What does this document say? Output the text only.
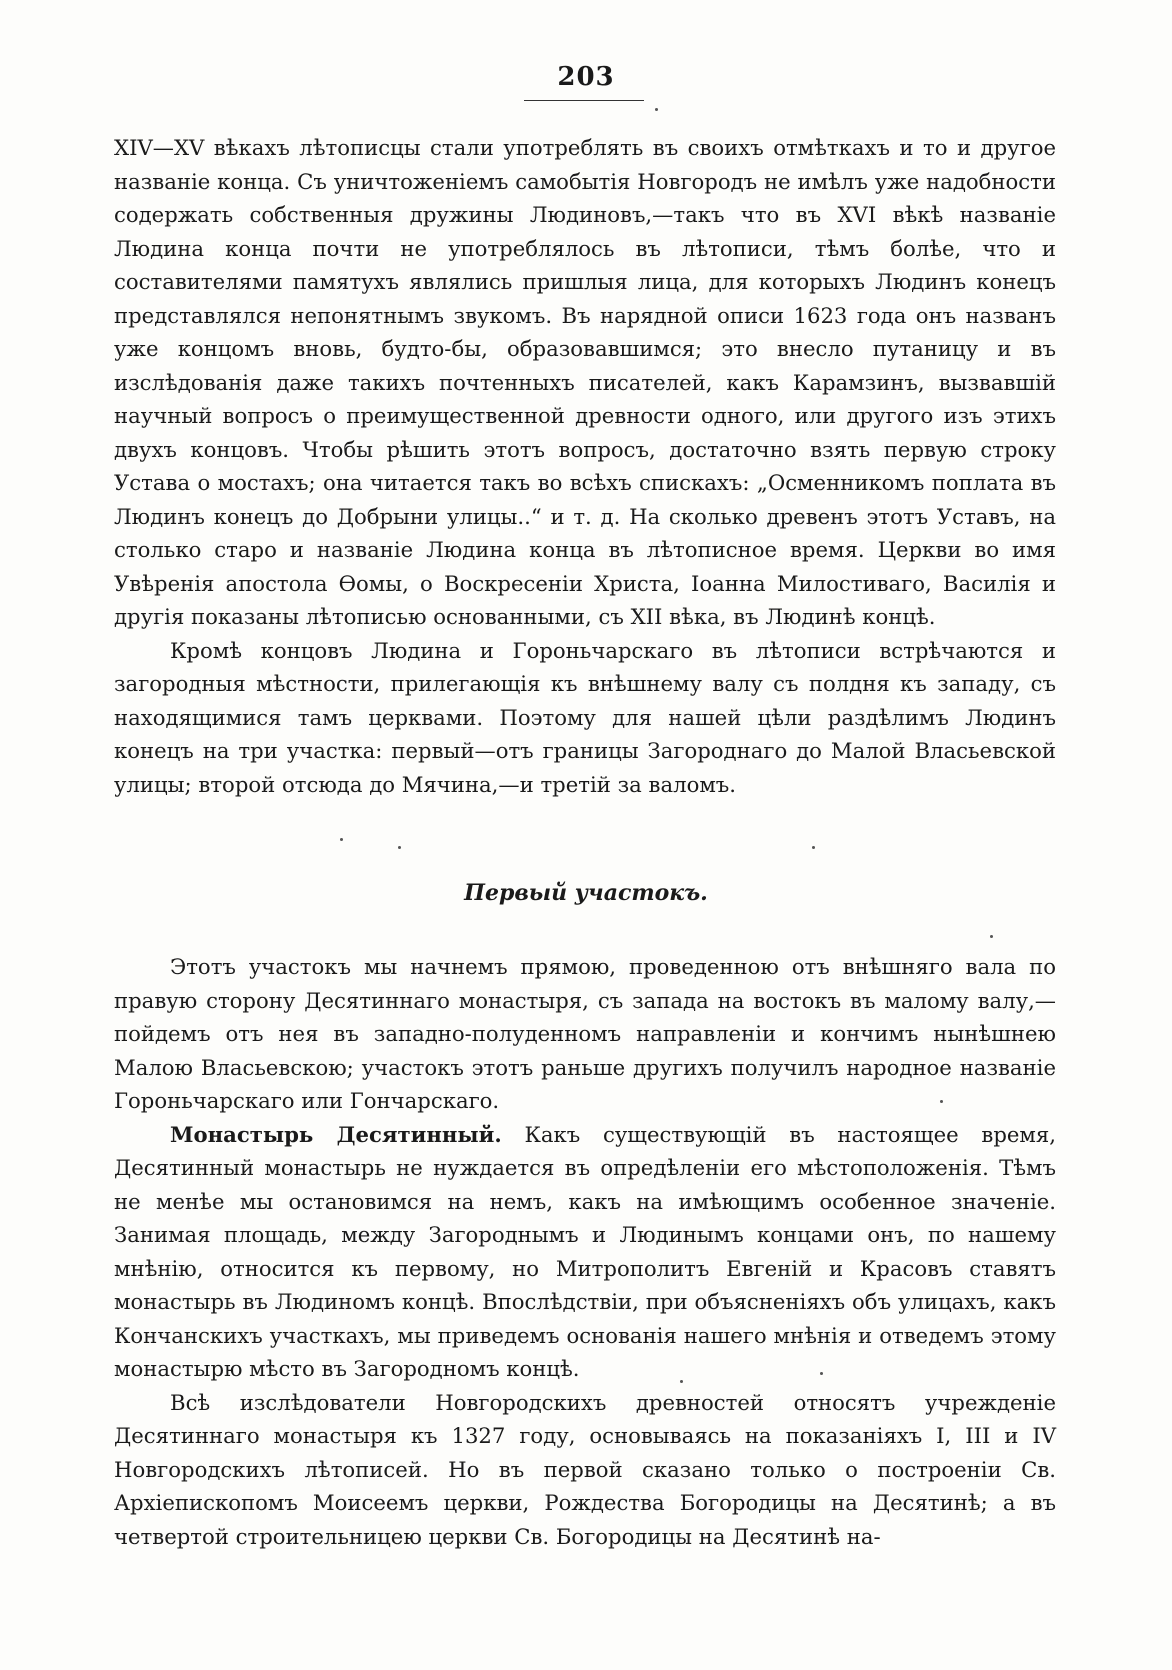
203

XIV—XV вѣкахъ лѣтописцы стали употреблять въ своихъ отмѣткахъ и то и другое названіе конца. Съ уничтоженіемъ самобытія Новгородъ не имѣлъ уже надобности содержать собственныя дружины Людиновъ,—такъ что въ XVI вѣкѣ названіе Людина конца почти не употреблялось въ лѣтописи, тѣмъ болѣе, что и составителями памятухъ являлись пришлыя лица, для которыхъ Людинъ конецъ представлялся непонятнымъ звукомъ. Въ нарядной описи 1623 года онъ названъ уже концомъ вновь, будто-бы, образовавшимся; это внесло путаницу и въ изслѣдованія даже такихъ почтенныхъ писателей, какъ Карамзинъ, вызвавшій научный вопросъ о преимущественной древности одного, или другого изъ этихъ двухъ концовъ. Чтобы рѣшить этотъ вопросъ, достаточно взять первую строку Устава о мостахъ; она читается такъ во всѣхъ спискахъ: „Осменникомъ поплата въ Людинъ конецъ до Добрыни улицы..“ и т. д. На сколько древенъ этотъ Уставъ, на столько старо и названіе Людина конца въ лѣтописное время. Церкви во имя Увѣренія апостола Ѳомы, о Воскресеніи Христа, Іоанна Милостиваго, Василія и другія показаны лѣтописью основанными, съ XII вѣка, въ Людинѣ концѣ.

Кромѣ концовъ Людина и Гороньчарскаго въ лѣтописи встрѣчаются и загородныя мѣстности, прилегающія къ внѣшнему валу съ полдня къ западу, съ находящимися тамъ церквами. Поэтому для нашей цѣли раздѣлимъ Людинъ конецъ на три участка: первый—отъ границы Загороднаго до Малой Власьевской улицы; второй отсюда до Мячина,—и третій за валомъ.

Первый участокъ.

Этотъ участокъ мы начнемъ прямою, проведенною отъ внѣшняго вала по правую сторону Десятиннаго монастыря, съ запада на востокъ въ малому валу,—пойдемъ отъ нея въ западно-полуденномъ направленіи и кончимъ нынѣшнею Малою Власьевскою; участокъ этотъ раньше другихъ получилъ народное названіе Гороньчарскаго или Гончарскаго.

Монастырь Десятинный. Какъ существующій въ настоящее время, Десятинный монастырь не нуждается въ опредѣленіи его мѣстоположенія. Тѣмъ не менѣе мы остановимся на немъ, какъ на имѣющимъ особенное значеніе. Занимая площадь, между Загороднымъ и Людинымъ концами онъ, по нашему мнѣнію, относится къ первому, но Митрополитъ Евгеній и Красовъ ставятъ монастырь въ Людиномъ концѣ. Впослѣдствіи, при объясненіяхъ объ улицахъ, какъ Кончанскихъ участкахъ, мы приведемъ основанія нашего мнѣнія и отведемъ этому монастырю мѣсто въ Загородномъ концѣ.

Всѣ изслѣдователи Новгородскихъ древностей относятъ учрежденіе Десятиннаго монастыря къ 1327 году, основываясь на показаніяхъ I, III и IV Новгородскихъ лѣтописей. Но въ первой сказано только о построеніи Св. Архіепископомъ Моисеемъ церкви, Рождества Богородицы на Десятинѣ; а въ четвертой строительницею церкви Св. Богородицы на Десятинѣ на-
